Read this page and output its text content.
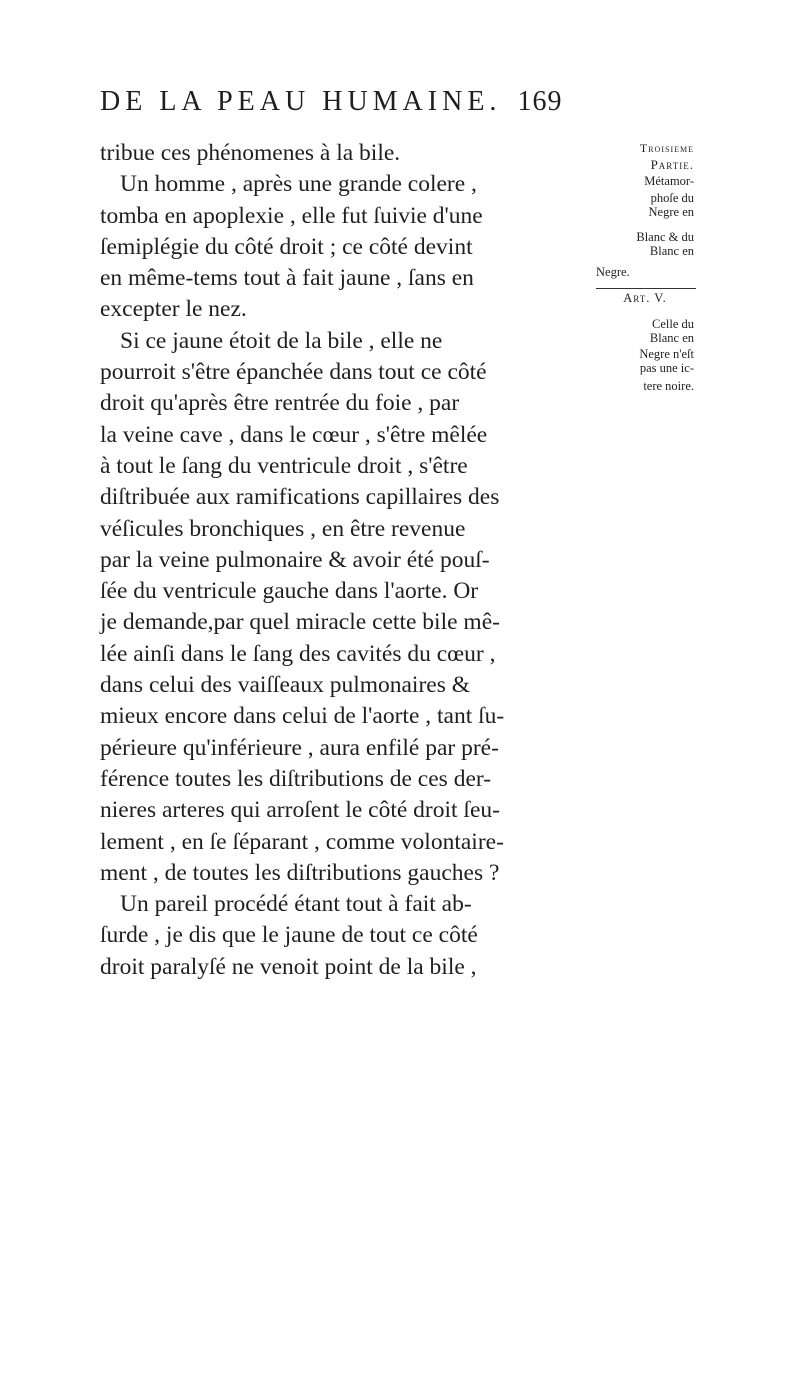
DE LA PEAU HUMAINE. 169
tribue ces phénomenes à la bile.
Un homme , après une grande colere ,
tomba en apoplexie , elle fut ſuivie d'une
ſemiplégie du côté droit ; ce côté devint
en même-tems tout à fait jaune , ſans en
excepter le nez.
Si ce jaune étoit de la bile , elle ne
pourroit s'être épanchée dans tout ce côté
droit qu'après être rentrée du foie , par
la veine cave , dans le cœur , s'être mêlée
à tout le ſang du ventricule droit , s'être
diſtribuée aux ramifications capillaires des
véſicules bronchiques , en être revenue
par la veine pulmonaire & avoir été pouſ-
ſée du ventricule gauche dans l'aorte. Or
je demande,par quel miracle cette bile mê-
lée ainſi dans le ſang des cavités du cœur ,
dans celui des vaiſſeaux pulmonaires &
mieux encore dans celui de l'aorte , tant ſu-
périeure qu'inférieure , aura enfilé par pré-
férence toutes les diſtributions de ces der-
nieres arteres qui arroſent le côté droit ſeu-
lement , en ſe ſéparant , comme volontaire-
ment , de toutes les diſtributions gauches ?
Un pareil procédé étant tout à fait ab-
ſurde , je dis que le jaune de tout ce côté
droit paralyſé ne venoit point de la bile ,
Troisieme
Partie.
Métamor-
phoſe du
Negre en
Blanc & du
Blanc en
Negre.
Art. V.
Celle du
Blanc en
Negre n'eſt
pas une ic-
tere noire.
